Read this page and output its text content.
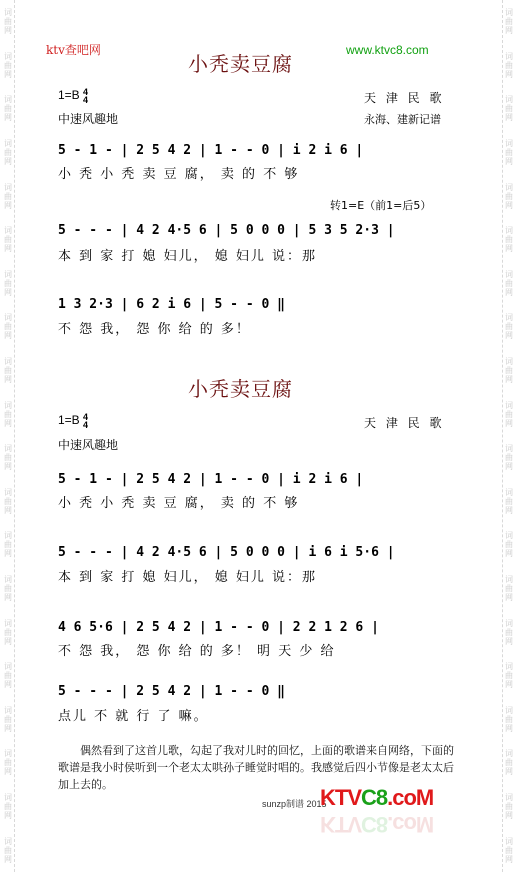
词
曲
网
词
曲
网
词
曲
网
词
曲
网
词
曲
网
词
曲
网
词
曲
网
词
曲
网
词
曲
网
词
曲
网
词
曲
网
词
曲
网
词
曲
网
词
曲
网
词
曲
网
词
曲
网
词
曲
网
词
曲
网
词
曲
网
词
曲
网
词
曲
网
词
曲
网
词
曲
网
词
曲
网
词
曲
网
词
曲
网
词
曲
网
词
曲
网
词
曲
网
词
曲
网
词
曲
网
词
曲
网
词
曲
网
词
曲
网
词
曲
网
词
曲
网
词
曲
网
词
曲
网
词
曲
网
词
曲
网
ktv查吧网	www.ktvc8.com
小秃卖豆腐
1=B 4
4	天 津 民 歌
中速风趣地	永海、建新记谱
5 - 1 - | 2 5 4 2 | 1 - - 0 | i 2 i 6 |
小 秃 小 秃 卖 豆 腐， 卖 的 不 够
转1=E（前1=后5）
5 - - - | 4 2 4·5 6 | 5 0 0 0 | 5 3 5 2·3 |
本 到 家 打 媳 妇儿， 媳 妇儿 说：那
1 3 2·3 | 6 2 i 6 | 5 - - 0 ‖
不 怨 我， 怨 你 给 的 多！
小秃卖豆腐
1=B 4
4	天 津 民 歌
中速风趣地
5 - 1 - | 2 5 4 2 | 1 - - 0 | i 2 i 6 |
小 秃 小 秃 卖 豆 腐， 卖 的 不 够
5 - - - | 4 2 4·5 6 | 5 0 0 0 | i 6 i 5·6 |
本 到 家 打 媳 妇儿， 媳 妇儿 说：那
4 6 5·6 | 2 5 4 2 | 1 - - 0 | 2 2 1 2 6 |
不 怨 我， 怨 你 给 的 多！ 明 天 少 给
5 - - - | 2 5 4 2 | 1 - - 0 ‖
点儿 不 就 行 了 嘛。
偶然看到了这首儿歌，勾起了我对儿时的回忆，上面的歌谱来自网络，下面的歌谱是我小时侯听到一个老太太哄孙子睡觉时唱的。我感觉后四小节像是老太太后加上去的。
sunzp制谱 2015
KTVC8.coM
KTVC8.coM
